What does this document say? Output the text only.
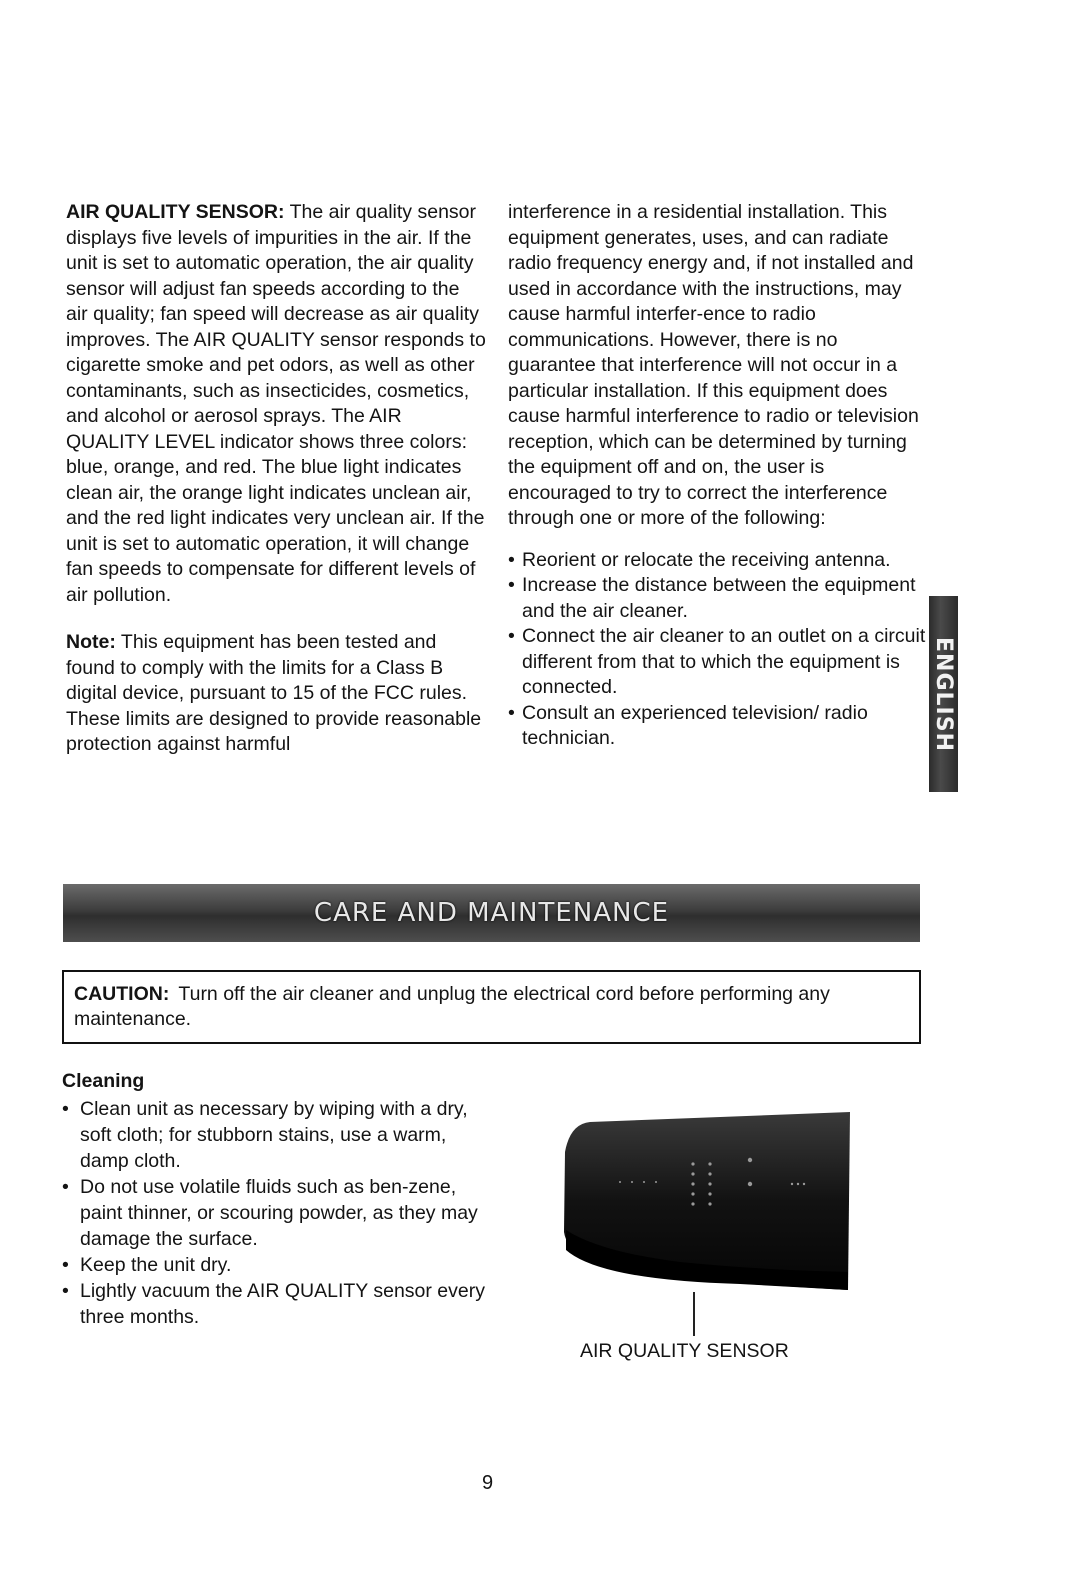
AIR QUALITY SENSOR: The air quality sensor displays five levels of impurities in the air. If the unit is set to automatic operation, the air quality sensor will adjust fan speeds according to the air quality; fan speed will decrease as air quality improves. The AIR QUALITY sensor responds to cigarette smoke and pet odors, as well as other contaminants, such as insecticides, cosmetics, and alcohol or aerosol sprays. The AIR QUALITY LEVEL indicator shows three colors: blue, orange, and red. The blue light indicates clean air, the orange light indicates unclean air, and the red light indicates very unclean air. If the unit is set to automatic operation, it will change fan speeds to compensate for different levels of air pollution.

Note: This equipment has been tested and found to comply with the limits for a Class B digital device, pursuant to 15 of the FCC rules. These limits are designed to provide reasonable protection against harmful

interference in a residential installation. This equipment generates, uses, and can radiate radio frequency energy and, if not installed and used in accordance with the instructions, may cause harmful interfer-ence to radio communications. However, there is no guarantee that interference will not occur in a particular installation. If this equipment does cause harmful interference to radio or television reception, which can be determined by turning the equipment off and on, the user is encouraged to try to correct the interference through one or more of the following:

• Reorient or relocate the receiving antenna.
• Increase the distance between the equipment and the air cleaner.
• Connect the air cleaner to an outlet on a circuit different from that to which the equipment is connected.
• Consult an experienced television/ radio technician.	ENGLISH
CARE AND MAINTENANCE
CAUTION: Turn off the air cleaner and unplug the electrical cord before performing any maintenance.
Cleaning
• Clean unit as necessary by wiping with a dry, soft cloth; for stubborn stains, use a warm, damp cloth.
• Do not use volatile fluids such as ben-zene, paint thinner, or scouring powder, as they may damage the surface.
• Keep the unit dry.
• Lightly vacuum the AIR QUALITY sensor every three months.
AIR QUALITY SENSOR
9
